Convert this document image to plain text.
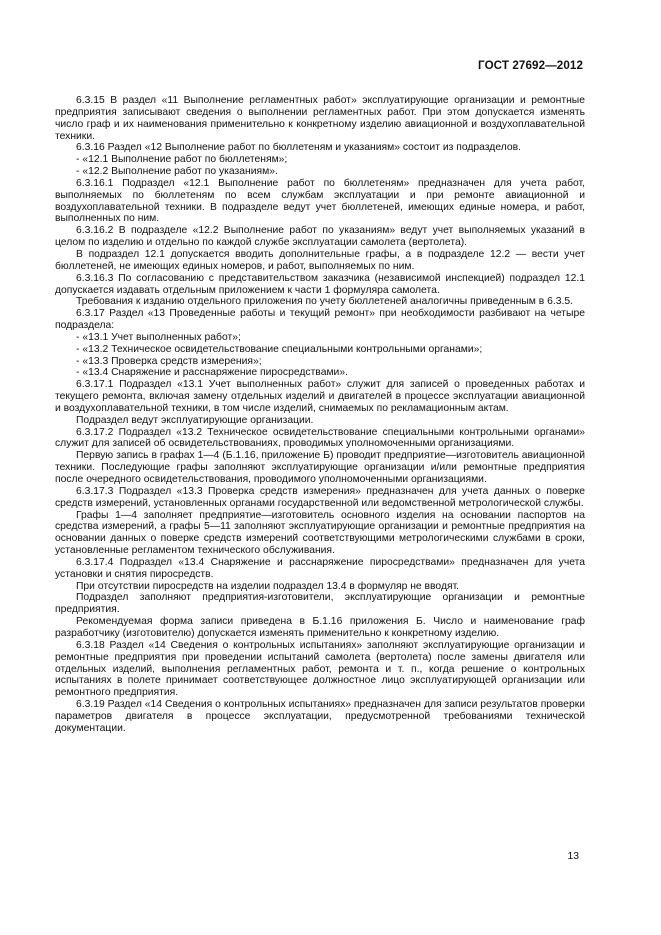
ГОСТ 27692—2012

6.3.15 В раздел «11 Выполнение регламентных работ» эксплуатирующие организации и ремонтные предприятия записывают сведения о выполнении регламентных работ. При этом допускается изменять число граф и их наименования применительно к конкретному изделию авиационной и воздухоплавательной техники.

6.3.16 Раздел «12 Выполнение работ по бюллетеням и указаниям» состоит из подразделов.

- «12.1 Выполнение работ по бюллетеням»;

- «12.2 Выполнение работ по указаниям».

6.3.16.1 Подраздел «12.1 Выполнение работ по бюллетеням» предназначен для учета работ, выполняемых по бюллетеням по всем службам эксплуатации и при ремонте авиационной и воздухоплавательной техники. В подразделе ведут учет бюллетеней, имеющих единые номера, и работ, выполненных по ним.

6.3.16.2 В подразделе «12.2 Выполнение работ по указаниям» ведут учет выполняемых указаний в целом по изделию и отдельно по каждой службе эксплуатации самолета (вертолета).

В подраздел 12.1 допускается вводить дополнительные графы, а в подразделе 12.2 — вести учет бюллетеней, не имеющих единых номеров, и работ, выполняемых по ним.

6.3.16.3 По согласованию с представительством заказчика (независимой инспекцией) подраздел 12.1 допускается издавать отдельным приложением к части 1 формуляра самолета.

Требования к изданию отдельного приложения по учету бюллетеней аналогичны приведенным в 6.3.5.

6.3.17 Раздел «13 Проведенные работы и текущий ремонт» при необходимости разбивают на четыре подраздела:

- «13.1 Учет выполненных работ»;

- «13.2 Техническое освидетельствование специальными контрольными органами»;

- «13.3 Проверка средств измерения»;

- «13.4 Снаряжение и расснаряжение пиросредствами».

6.3.17.1 Подраздел «13.1 Учет выполненных работ» служит для записей о проведенных работах и текущего ремонта, включая замену отдельных изделий и двигателей в процессе эксплуатации авиационной и воздухоплавательной техники, в том числе изделий, снимаемых по рекламационным актам.

Подраздел ведут эксплуатирующие организации.

6.3.17.2 Подраздел «13.2 Техническое освидетельствование специальными контрольными органами» служит для записей об освидетельствованиях, проводимых уполномоченными организациями.

Первую запись в графах 1—4 (Б.1.16, приложение Б) проводит предприятие—изготовитель авиационной техники. Последующие графы заполняют эксплуатирующие организации и/или ремонтные предприятия после очередного освидетельствования, проводимого уполномоченными организациями.

6.3.17.3 Подраздел «13.3 Проверка средств измерения» предназначен для учета данных о поверке средств измерений, установленных органами государственной или ведомственной метрологической службы.

Графы 1—4 заполняет предприятие—изготовитель основного изделия на основании паспортов на средства измерений, а графы 5—11 заполняют эксплуатирующие организации и ремонтные предприятия на основании данных о поверке средств измерений соответствующими метрологическими службами в сроки, установленные регламентом технического обслуживания.

6.3.17.4 Подраздел «13.4 Снаряжение и расснаряжение пиросредствами» предназначен для учета установки и снятия пиросредств.

При отсутствии пиросредств на изделии подраздел 13.4 в формуляр не вводят.

Подраздел заполняют предприятия-изготовители, эксплуатирующие организации и ремонтные предприятия.

Рекомендуемая форма записи приведена в Б.1.16 приложения Б. Число и наименование граф разработчику (изготовителю) допускается изменять применительно к конкретному изделию.

6.3.18 Раздел «14 Сведения о контрольных испытаниях» заполняют эксплуатирующие организации и ремонтные предприятия при проведении испытаний самолета (вертолета) после замены двигателя или отдельных изделий, выполнения регламентных работ, ремонта и т. п., когда решение о контрольных испытаниях в полете принимает соответствующее должностное лицо эксплуатирующей организации или ремонтного предприятия.

6.3.19 Раздел «14 Сведения о контрольных испытаниях» предназначен для записи результатов проверки параметров двигателя в процессе эксплуатации, предусмотренной требованиями технической документации.

13
